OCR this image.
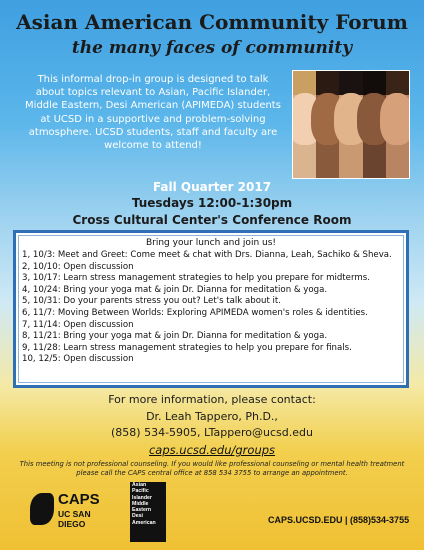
Asian American Community Forum
the many faces of community
This informal drop-in group is designed to talk about topics relevant to Asian, Pacific Islander, Middle Eastern, Desi American (APIMEDA) students at UCSD in a supportive and problem-solving atmosphere. UCSD students, staff and faculty are welcome to attend!
Fall Quarter 2017
Tuesdays 12:00-1:30pm
Cross Cultural Center's Conference Room
Bring your lunch and join us!
1, 10/3: Meet and Greet: Come meet & chat with Drs. Dianna, Leah, Sachiko & Sheva.
2, 10/10: Open discussion
3, 10/17: Learn stress management strategies to help you prepare for midterms.
4, 10/24: Bring your yoga mat & join Dr. Dianna for meditation & yoga.
5, 10/31: Do your parents stress you out? Let's talk about it.
6, 11/7: Moving Between Worlds: Exploring APIMEDA women's roles & identities.
7, 11/14: Open discussion
8, 11/21: Bring your yoga mat & join Dr. Dianna for meditation & yoga.
9, 11/28: Learn stress management strategies to help you prepare for finals.
10, 12/5: Open discussion
For more information, please contact:
Dr. Leah Tappero, Ph.D.,
(858) 534-5905, LTappero@ucsd.edu
caps.ucsd.edu/groups
This meeting is not professional counseling. If you would like professional counseling or mental health treatment please call the CAPS central office at 858 534 3755 to arrange an appointment.
CAPS
UC SAN DIEGO
Asian
Pacific
Islander
Middle
Eastern
Desi
American	CAPS.UCSD.EDU | (858)534-3755
